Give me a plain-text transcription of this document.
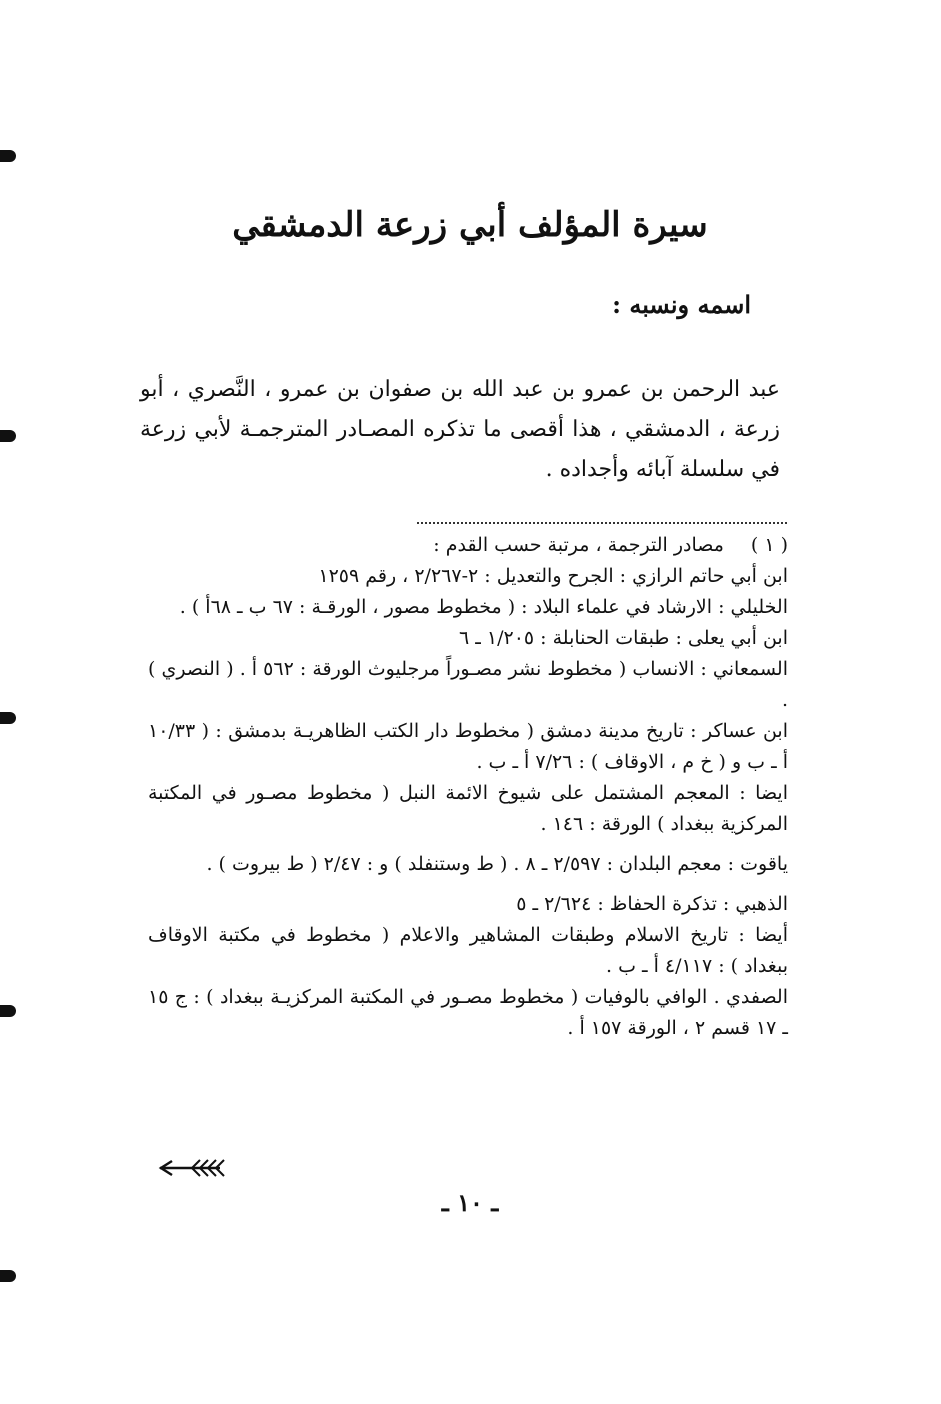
سيرة المؤلف أبي زرعة الدمشقي
اسمه ونسبه :

عبد الرحمن بن عمرو بن عبد الله بن صفوان بن عمرو ، النَّصري ، أبو زرعة ، الدمشقي ، هذا أقصى ما تذكره المصـادر المترجمـة لأبي زرعة في سلسلة آبائه وأجداده .

( ١ ) مصادر الترجمة ، مرتبة حسب القدم :

ابن أبي حاتم الرازي : الجرح والتعديل : ٢-٢/٢٦٧ ، رقم ١٢٥٩

الخليلي : الارشاد في علماء البلاد : ( مخطوط مصور ، الورقـة : ٦٧ ب ـ ٦٨أ ) .

ابن أبي يعلى : طبقات الحنابلة : ١/٢٠٥ ـ ٦

السمعاني : الانساب ( مخطوط نشر مصـوراً مرجليوث الورقة : ٥٦٢ أ . ( النصري ) .

ابن عساكر : تاريخ مدينة دمشق ( مخطوط دار الكتب الظاهريـة بدمشق : ( ١٠/٣٣ أ ـ ب و ( خ م ، الاوقاف ) : ٧/٢٦ أ ـ ب .

ايضا : المعجم المشتمل على شيوخ الائمة النبل ( مخطوط مصـور في المكتبة المركزية ببغداد ) الورقة : ١٤٦ .

ياقوت : معجم البلدان : ٢/٥٩٧ ـ ٨ . ( ط وستنفلد ) و : ٢/٤٧ ( ط بيروت ) .

الذهبي : تذكرة الحفاظ : ٢/٦٢٤ ـ ٥

أيضا : تاريخ الاسلام وطبقات المشاهير والاعلام ( مخطوط في مكتبة الاوقاف ببغداد ) : ٤/١١٧ أ ـ ب .

الصفدي . الوافي بالوفيات ( مخطوط مصـور في المكتبة المركزيـة ببغداد ) : ج ١٥ ـ ١٧ قسم ٢ ، الورقة ١٥٧ أ .

ـ ١٠ ـ
